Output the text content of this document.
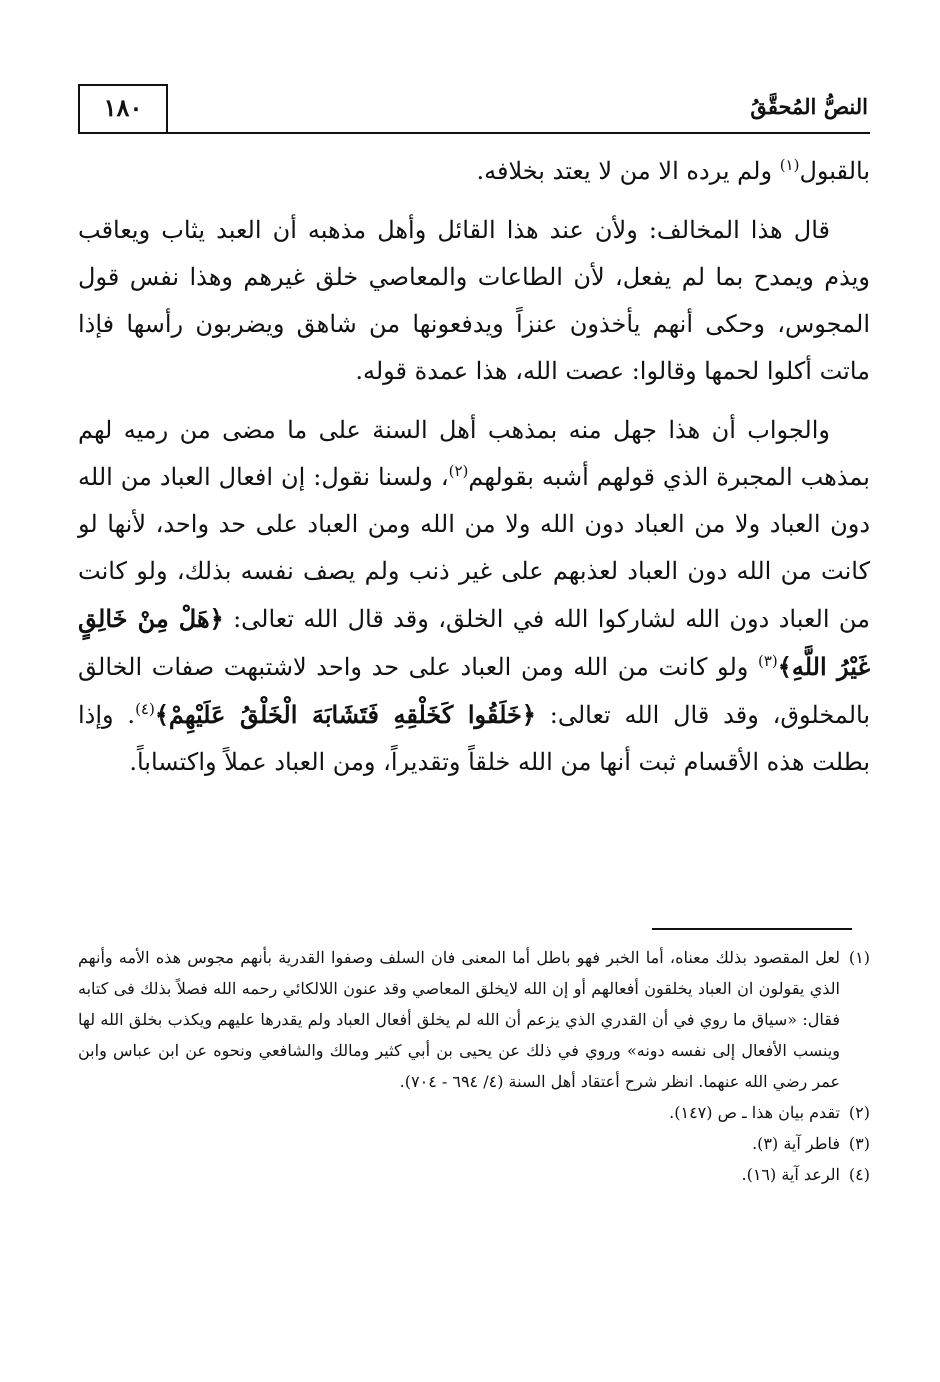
النصُّ المُحقَّقُ
١٨٠

بالقبول$^{(١)}$ ولم يرده الا من لا يعتد بخلافه.

قال هذا المخالف: ولأن عند هذا القائل وأهل مذهبه أن العبد يثاب ويعاقب ويذم ويمدح بما لم يفعل، لأن الطاعات والمعاصي خلق غيرهم وهذا نفس قول المجوس، وحكى أنهم يأخذون عنزاً ويدفعونها من شاهق ويضربون رأسها فإذا ماتت أكلوا لحمها وقالوا: عصت الله، هذا عمدة قوله.

والجواب أن هذا جهل منه بمذهب أهل السنة على ما مضى من رميه لهم بمذهب المجبرة الذي قولهم أشبه بقولهم$^{(٢)}$، ولسنا نقول: إن افعال العباد من الله دون العباد ولا من العباد دون الله ولا من الله ومن العباد على حد واحد، لأنها لو كانت من الله دون العباد لعذبهم على غير ذنب ولم يصف نفسه بذلك، ولو كانت من العباد دون الله لشاركوا الله في الخلق، وقد قال الله تعالى: ﴿هَلْ مِنْ خَالِقٍ غَيْرُ اللَّهِ﴾$^{(٣)}$ ولو كانت من الله ومن العباد على حد واحد لاشتبهت صفات الخالق بالمخلوق، وقد قال الله تعالى: ﴿خَلَقُوا كَخَلْقِهِ فَتَشَابَهَ الْخَلْقُ عَلَيْهِمْ﴾$^{(٤)}$. وإذا بطلت هذه الأقسام ثبت أنها من الله خلقاً وتقديراً، ومن العباد عملاً واكتساباً.

(١)
لعل المقصود بذلك معناه، أما الخبر فهو باطل أما المعنى فان السلف وصفوا القدرية بأنهم مجوس هذه الأمه وأنهم الذي يقولون ان العباد يخلقون أفعالهم أو إن الله لايخلق المعاصي وقد عنون اللالكائي رحمه الله فصلاً بذلك فى كتابه فقال: «سياق ما روي في أن القدري الذي يزعم أن الله لم يخلق أفعال العباد ولم يقدرها عليهم ويكذب بخلق الله لها وينسب الأفعال إلى نفسه دونه» وروي في ذلك عن يحيى بن أبي كثير ومالك والشافعي ونحوه عن ابن عباس وابن عمر رضي الله عنهما. انظر شرح أعتقاد أهل السنة (٤/ ٦٩٤ - ٧٠٤).

(٢)
تقدم بيان هذا ـ ص (١٤٧).

(٣)
فاطر آية (٣).

(٤)
الرعد آية (١٦).
